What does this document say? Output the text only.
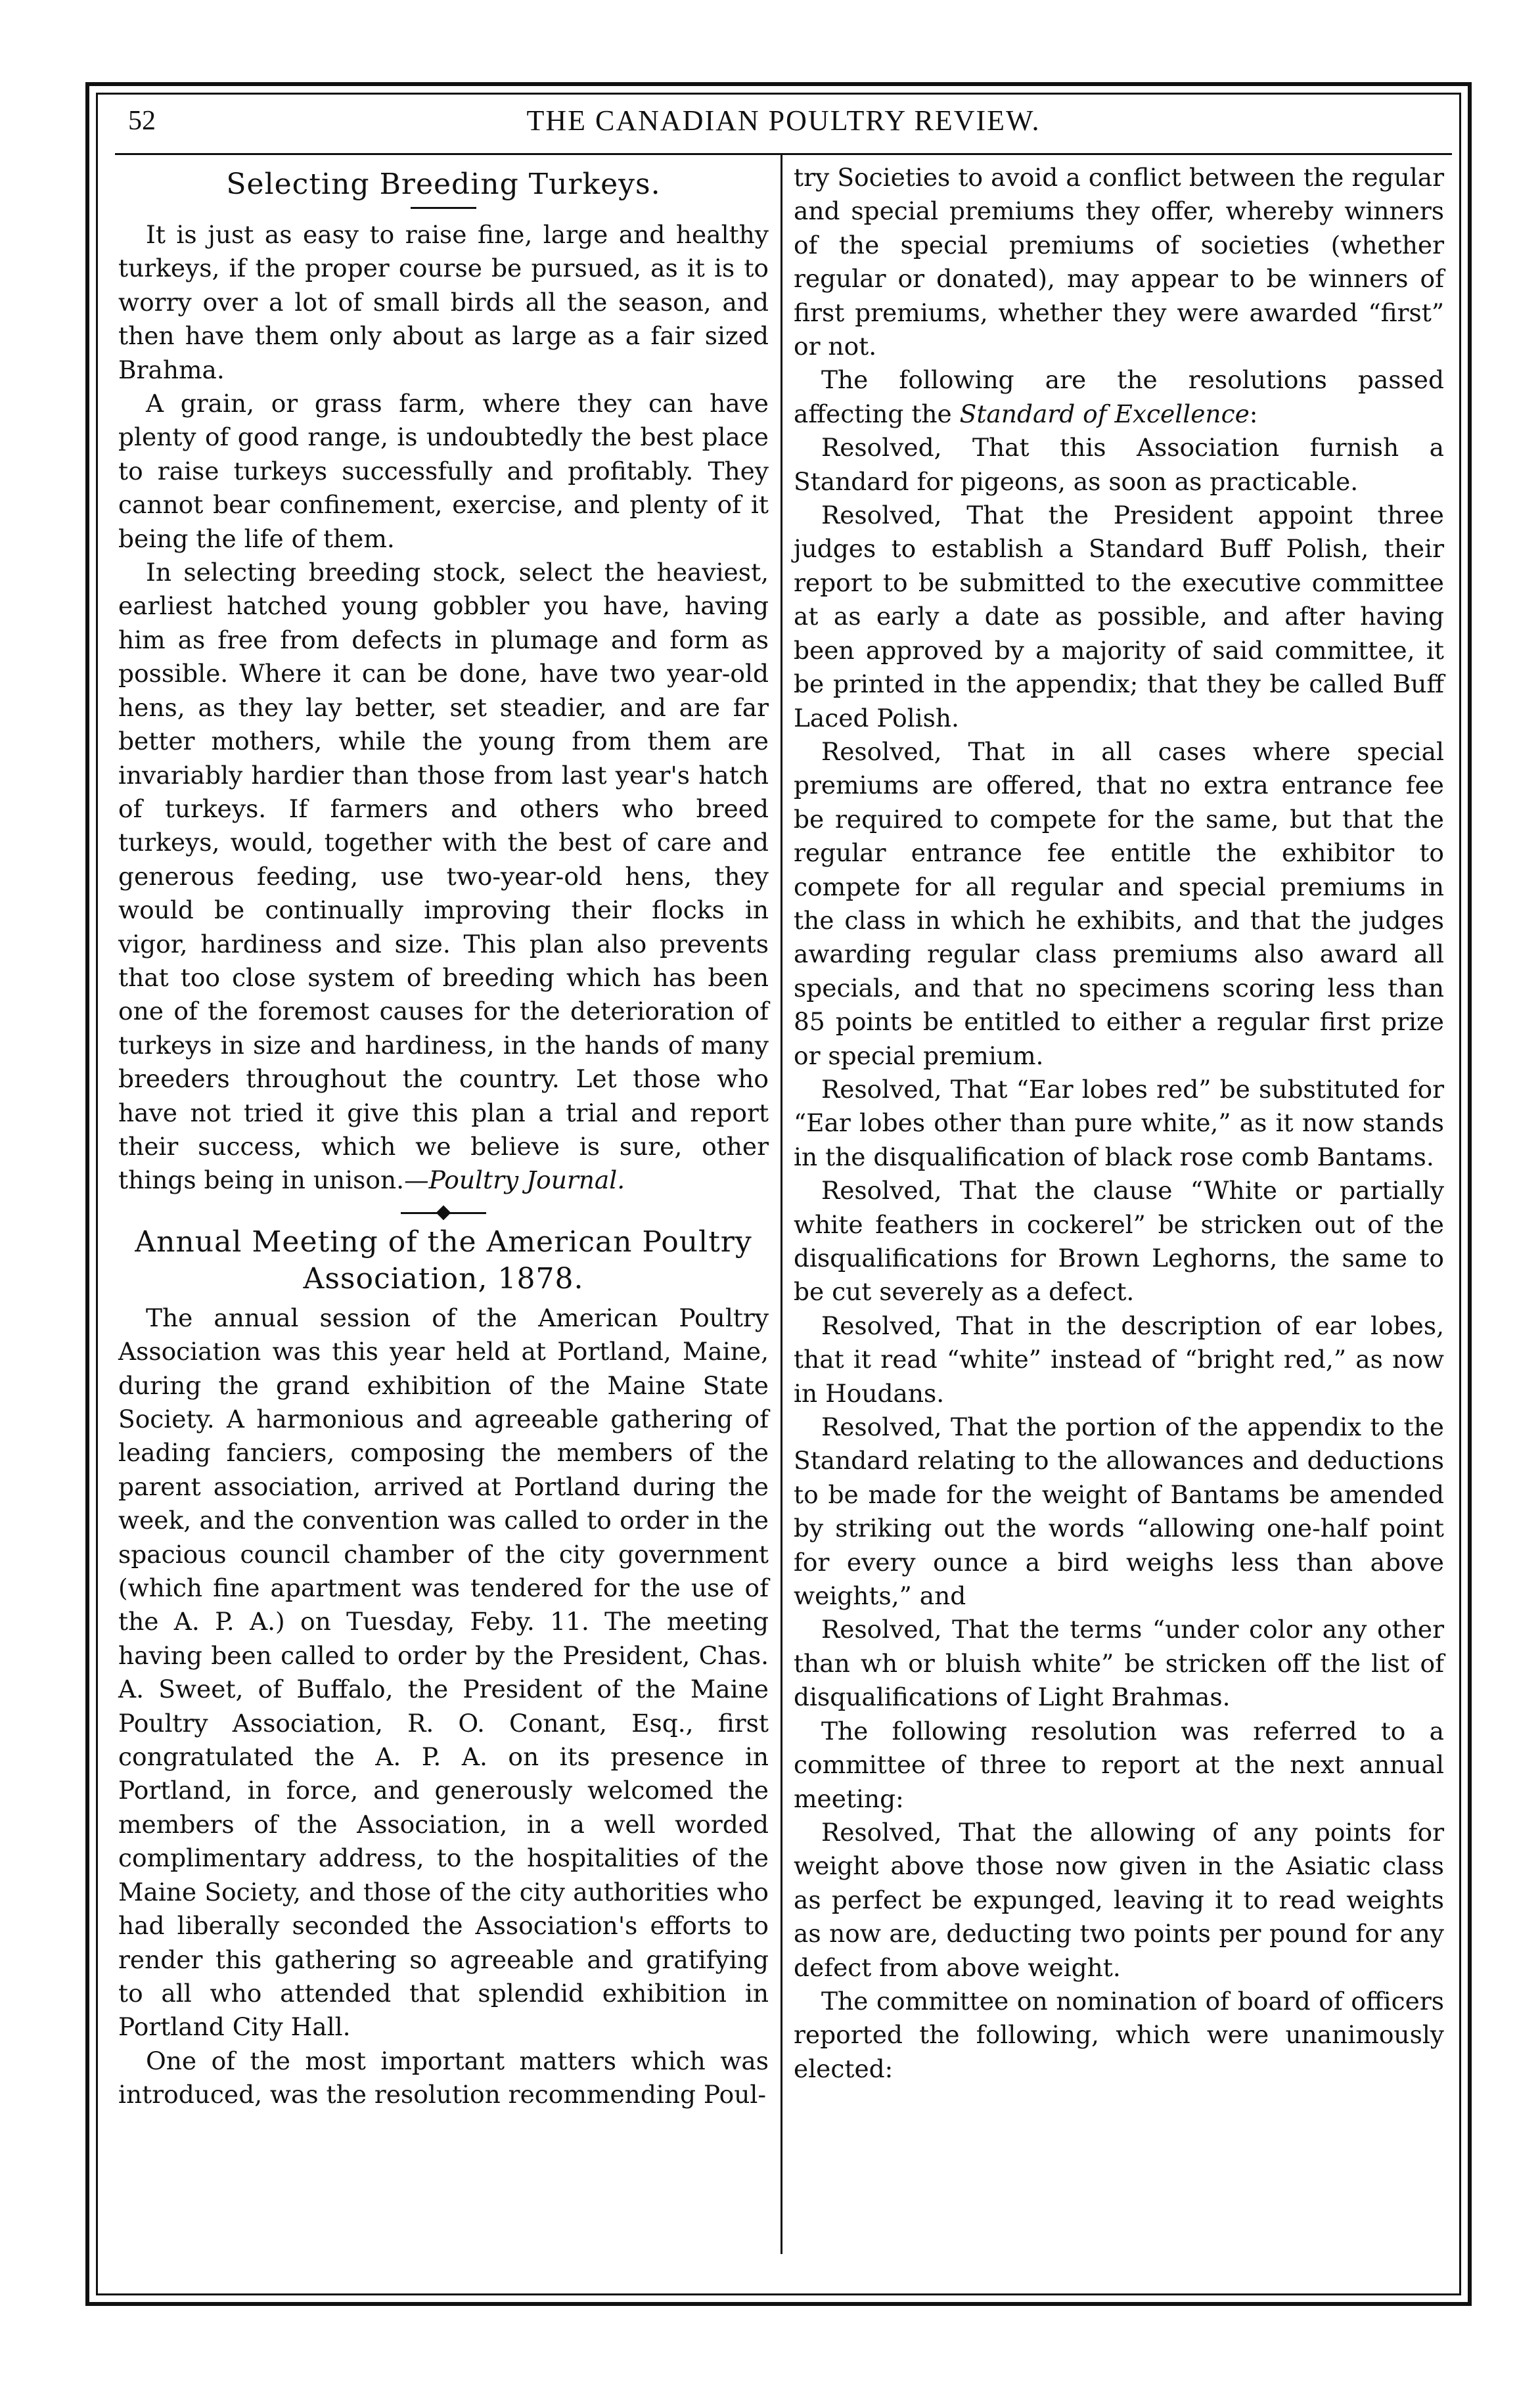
52	THE CANADIAN POULTRY REVIEW.
Selecting Breeding Turkeys.

It is just as easy to raise fine, large and healthy turkeys, if the proper course be pursued, as it is to worry over a lot of small birds all the season, and then have them only about as large as a fair sized Brahma.

A grain, or grass farm, where they can have plenty of good range, is undoubtedly the best place to raise turkeys successfully and profitably. They cannot bear confinement, exercise, and plenty of it being the life of them.

In selecting breeding stock, select the heaviest, earliest hatched young gobbler you have, having him as free from defects in plumage and form as possible. Where it can be done, have two year-old hens, as they lay better, set steadier, and are far better mothers, while the young from them are invariably hardier than those from last year's hatch of turkeys. If farmers and others who breed turkeys, would, together with the best of care and generous feeding, use two-year-old hens, they would be continually improving their flocks in vigor, hardiness and size. This plan also prevents that too close system of breeding which has been one of the foremost causes for the deterioration of turkeys in size and hardiness, in the hands of many breeders throughout the country. Let those who have not tried it give this plan a trial and report their success, which we believe is sure, other things being in unison.—Poultry Journal.

Annual Meeting of the American Poultry Association, 1878.

The annual session of the American Poultry Association was this year held at Portland, Maine, during the grand exhibition of the Maine State Society. A harmonious and agreeable gathering of leading fanciers, composing the members of the parent association, arrived at Portland during the week, and the convention was called to order in the spacious council chamber of the city government (which fine apartment was tendered for the use of the A. P. A.) on Tuesday, Feby. 11. The meeting having been called to order by the President, Chas. A. Sweet, of Buffalo, the President of the Maine Poultry Association, R. O. Conant, Esq., first congratulated the A. P. A. on its presence in Portland, in force, and generously welcomed the members of the Association, in a well worded complimentary address, to the hospitalities of the Maine Society, and those of the city authorities who had liberally seconded the Association's efforts to render this gathering so agreeable and gratifying to all who attended that splendid exhibition in Portland City Hall.

One of the most important matters which was introduced, was the resolution recommending Poul-

try Societies to avoid a conflict between the regular and special premiums they offer, whereby winners of the special premiums of societies (whether regular or donated), may appear to be winners of first premiums, whether they were awarded “first” or not.

The following are the resolutions passed affecting the Standard of Excellence:

Resolved, That this Association furnish a Standard for pigeons, as soon as practicable.

Resolved, That the President appoint three judges to establish a Standard Buff Polish, their report to be submitted to the executive committee at as early a date as possible, and after having been approved by a majority of said committee, it be printed in the appendix; that they be called Buff Laced Polish.

Resolved, That in all cases where special premiums are offered, that no extra entrance fee be required to compete for the same, but that the regular entrance fee entitle the exhibitor to compete for all regular and special premiums in the class in which he exhibits, and that the judges awarding regular class premiums also award all specials, and that no specimens scoring less than 85 points be entitled to either a regular first prize or special premium.

Resolved, That “Ear lobes red” be substituted for “Ear lobes other than pure white,” as it now stands in the disqualification of black rose comb Bantams.

Resolved, That the clause “White or partially white feathers in cockerel” be stricken out of the disqualifications for Brown Leghorns, the same to be cut severely as a defect.

Resolved, That in the description of ear lobes, that it read “white” instead of “bright red,” as now in Houdans.

Resolved, That the portion of the appendix to the Standard relating to the allowances and deductions to be made for the weight of Bantams be amended by striking out the words “allowing one-half point for every ounce a bird weighs less than above weights,” and

Resolved, That the terms “under color any other than wh or bluish white” be stricken off the list of disqualifications of Light Brahmas.

The following resolution was referred to a committee of three to report at the next annual meeting:

Resolved, That the allowing of any points for weight above those now given in the Asiatic class as perfect be expunged, leaving it to read weights as now are, deducting two points per pound for any defect from above weight.

The committee on nomination of board of officers reported the following, which were unanimously elected:
